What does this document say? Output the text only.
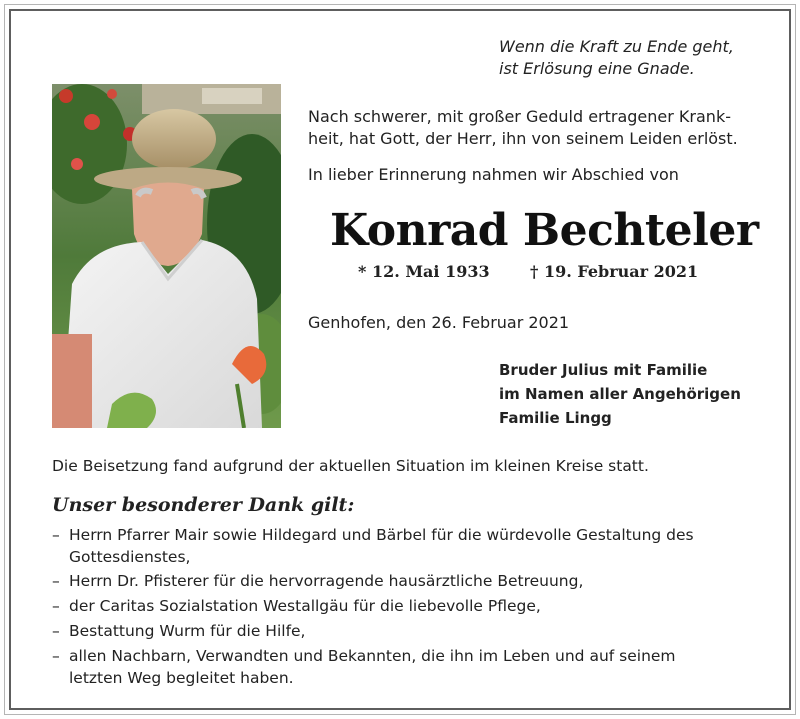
Wenn die Kraft zu Ende geht,
ist Erlösung eine Gnade.
Nach schwerer, mit großer Geduld ertragener Krank-
heit, hat Gott, der Herr, ihn von seinem Leiden erlöst.
In lieber Erinnerung nahmen wir Abschied von
Konrad Bechteler
* 12. Mai 1933	† 19. Februar 2021
Genhofen, den 26. Februar 2021
Bruder Julius mit Familie
im Namen aller Angehörigen
Familie Lingg
Die Beisetzung fand aufgrund der aktuellen Situation im kleinen Kreise statt.
Unser besonderer Dank gilt:
– Herrn Pfarrer Mair sowie Hildegard und Bärbel für die würdevolle Gestaltung des
Gottesdienstes,
– Herrn Dr. Pfisterer für die hervorragende hausärztliche Betreuung,
– der Caritas Sozialstation Westallgäu für die liebevolle Pflege,
– Bestattung Wurm für die Hilfe,
– allen Nachbarn, Verwandten und Bekannten, die ihn im Leben und auf seinem
letzten Weg begleitet haben.
